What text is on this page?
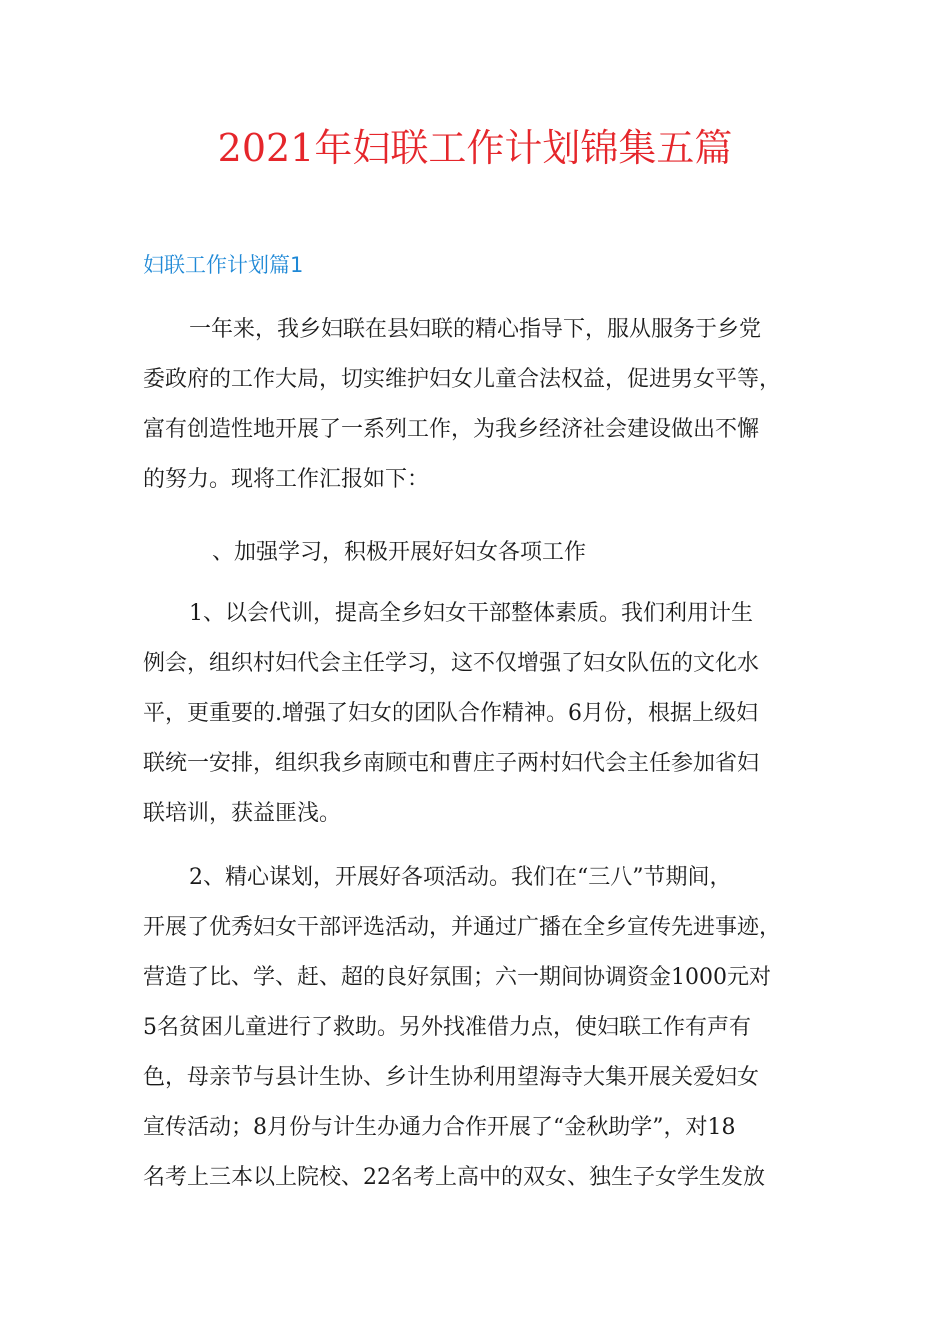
2021年妇联工作计划锦集五篇
妇联工作计划篇1

一年来，我乡妇联在县妇联的精心指导下，服从服务于乡党
委政府的工作大局，切实维护妇女儿童合法权益，促进男女平等，
富有创造性地开展了一系列工作，为我乡经济社会建设做出不懈
的努力。现将工作汇报如下：

、加强学习，积极开展好妇女各项工作

1、以会代训，提高全乡妇女干部整体素质。我们利用计生
例会，组织村妇代会主任学习，这不仅增强了妇女队伍的文化水
平，更重要的.增强了妇女的团队合作精神。6月份，根据上级妇
联统一安排，组织我乡南顾屯和曹庄子两村妇代会主任参加省妇
联培训，获益匪浅。

2、精心谋划，开展好各项活动。我们在“三八”节期间，
开展了优秀妇女干部评选活动，并通过广播在全乡宣传先进事迹，
营造了比、学、赶、超的良好氛围；六一期间协调资金1000元对
5名贫困儿童进行了救助。另外找准借力点，使妇联工作有声有
色，母亲节与县计生协、乡计生协利用望海寺大集开展关爱妇女
宣传活动；8月份与计生办通力合作开展了“金秋助学”，对18
名考上三本以上院校、22名考上高中的双女、独生子女学生发放
